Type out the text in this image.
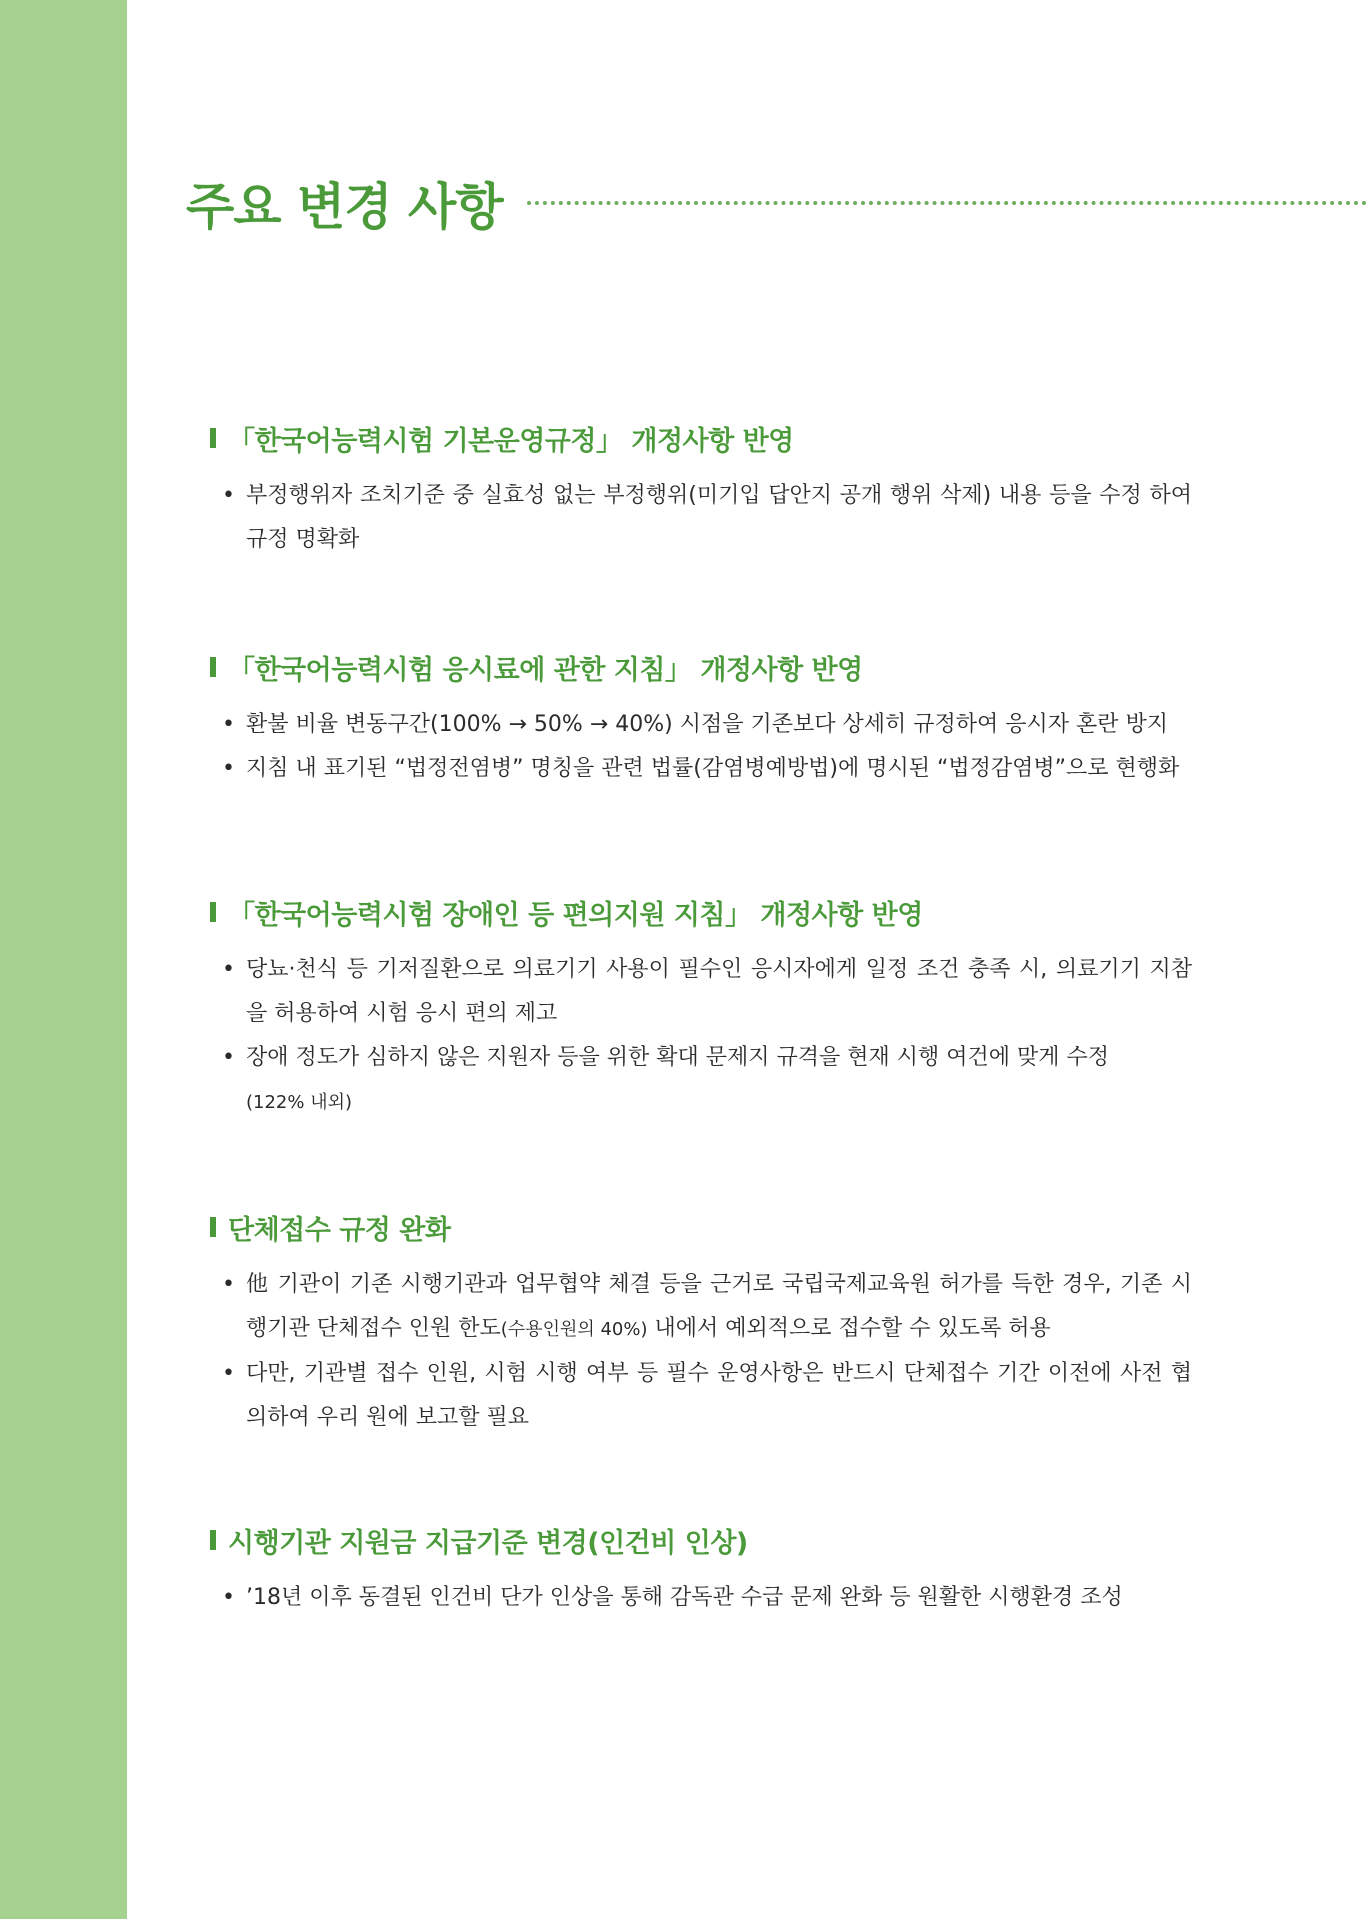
주요 변경 사항
「한국어능력시험 기본운영규정」 개정사항 반영
• 부정행위자 조치기준 중 실효성 없는 부정행위(미기입 답안지 공개 행위 삭제) 내용 등을 수정 하여 규정 명확화
「한국어능력시험 응시료에 관한 지침」 개정사항 반영
• 환불 비율 변동구간(100% → 50% → 40%) 시점을 기존보다 상세히 규정하여 응시자 혼란 방지
• 지침 내 표기된 “법정전염병” 명칭을 관련 법률(감염병예방법)에 명시된 “법정감염병”으로 현행화
「한국어능력시험 장애인 등 편의지원 지침」 개정사항 반영
• 당뇨·천식 등 기저질환으로 의료기기 사용이 필수인 응시자에게 일정 조건 충족 시, 의료기기 지참을 허용하여 시험 응시 편의 제고
• 장애 정도가 심하지 않은 지원자 등을 위한 확대 문제지 규격을 현재 시행 여건에 맞게 수정
(122% 내외)
단체접수 규정 완화
• 他 기관이 기존 시행기관과 업무협약 체결 등을 근거로 국립국제교육원 허가를 득한 경우, 기존 시행기관 단체접수 인원 한도(수용인원의 40%) 내에서 예외적으로 접수할 수 있도록 허용
• 다만, 기관별 접수 인원, 시험 시행 여부 등 필수 운영사항은 반드시 단체접수 기간 이전에 사전 협의하여 우리 원에 보고할 필요
시행기관 지원금 지급기준 변경(인건비 인상)
• ’18년 이후 동결된 인건비 단가 인상을 통해 감독관 수급 문제 완화 등 원활한 시행환경 조성
